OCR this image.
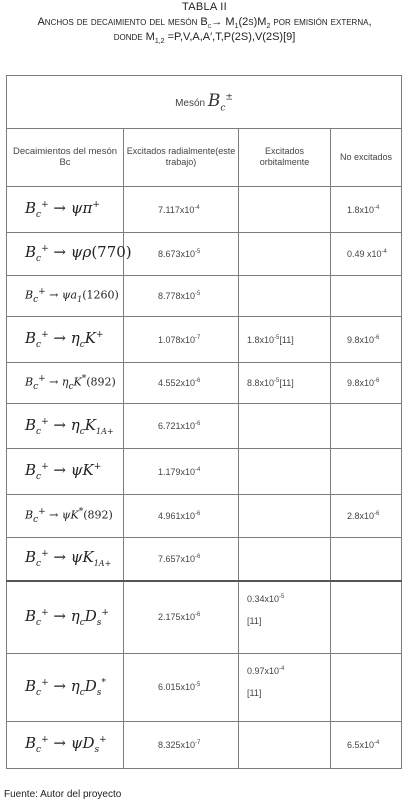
TABLA II
Anchos de decaimiento del mesón $B_c\to M_1(2s)M_2$ por emisión externa,
donde $M_{1,2} =P,V,A,A',T,P(2S),V(2S)[9]$
Mesón $B_c^\pm$
Decaimientos del mesón Bc	Excitados radialmente(este trabajo)	Excitados orbitalmente	No excitados
$B_c^+ \to \psi\pi^+$	$7.117x10^{-4}$		$1.8x10^{-4}$
$B_c^+ \to \psi\rho(770)$	$8.673x10^{-5}$		0.49 $x10^{-4}$
$B_c^+ \to \psi a_1(1260)$	$8.778x10^{-5}$		
$B_c^+ \to \eta_cK^+$	$1.078x10^{-7}$	$1.8x10^{-5}[11]$	$9.8x10^{-6}$
$B_c^+ \to \eta_cK^*(892)$	$4.552x10^{-6}$	$8.8x10^{-5}[11]$	$9.8x10^{-6}$
$B_c^+ \to \eta_cK_{1A+}$	$6.721x10^{-6}$		
$B_c^+ \to \psi K^+$	$1.179x10^{-4}$		
$B_c^+ \to \psi K^*(892)$	$4.961x10^{-6}$		$2.8x10^{-6}$
$B_c^+ \to \psi K_{1A+}$	$7.657x10^{-6}$		
$B_c^+ \to \eta_cD_s^+$	$2.175x10^{-6}$	$0.34x10^{-5}$
[11]	

$B_c^+ \to \eta_cD_s^*$	$6.015x10^{-5}$	$0.97x10^{-4}$
[11]	

$B_c^+ \to \psi D_s^+$	$8.325x10^{-7}$		$6.5x10^{-4}$
Fuente: Autor del proyecto
